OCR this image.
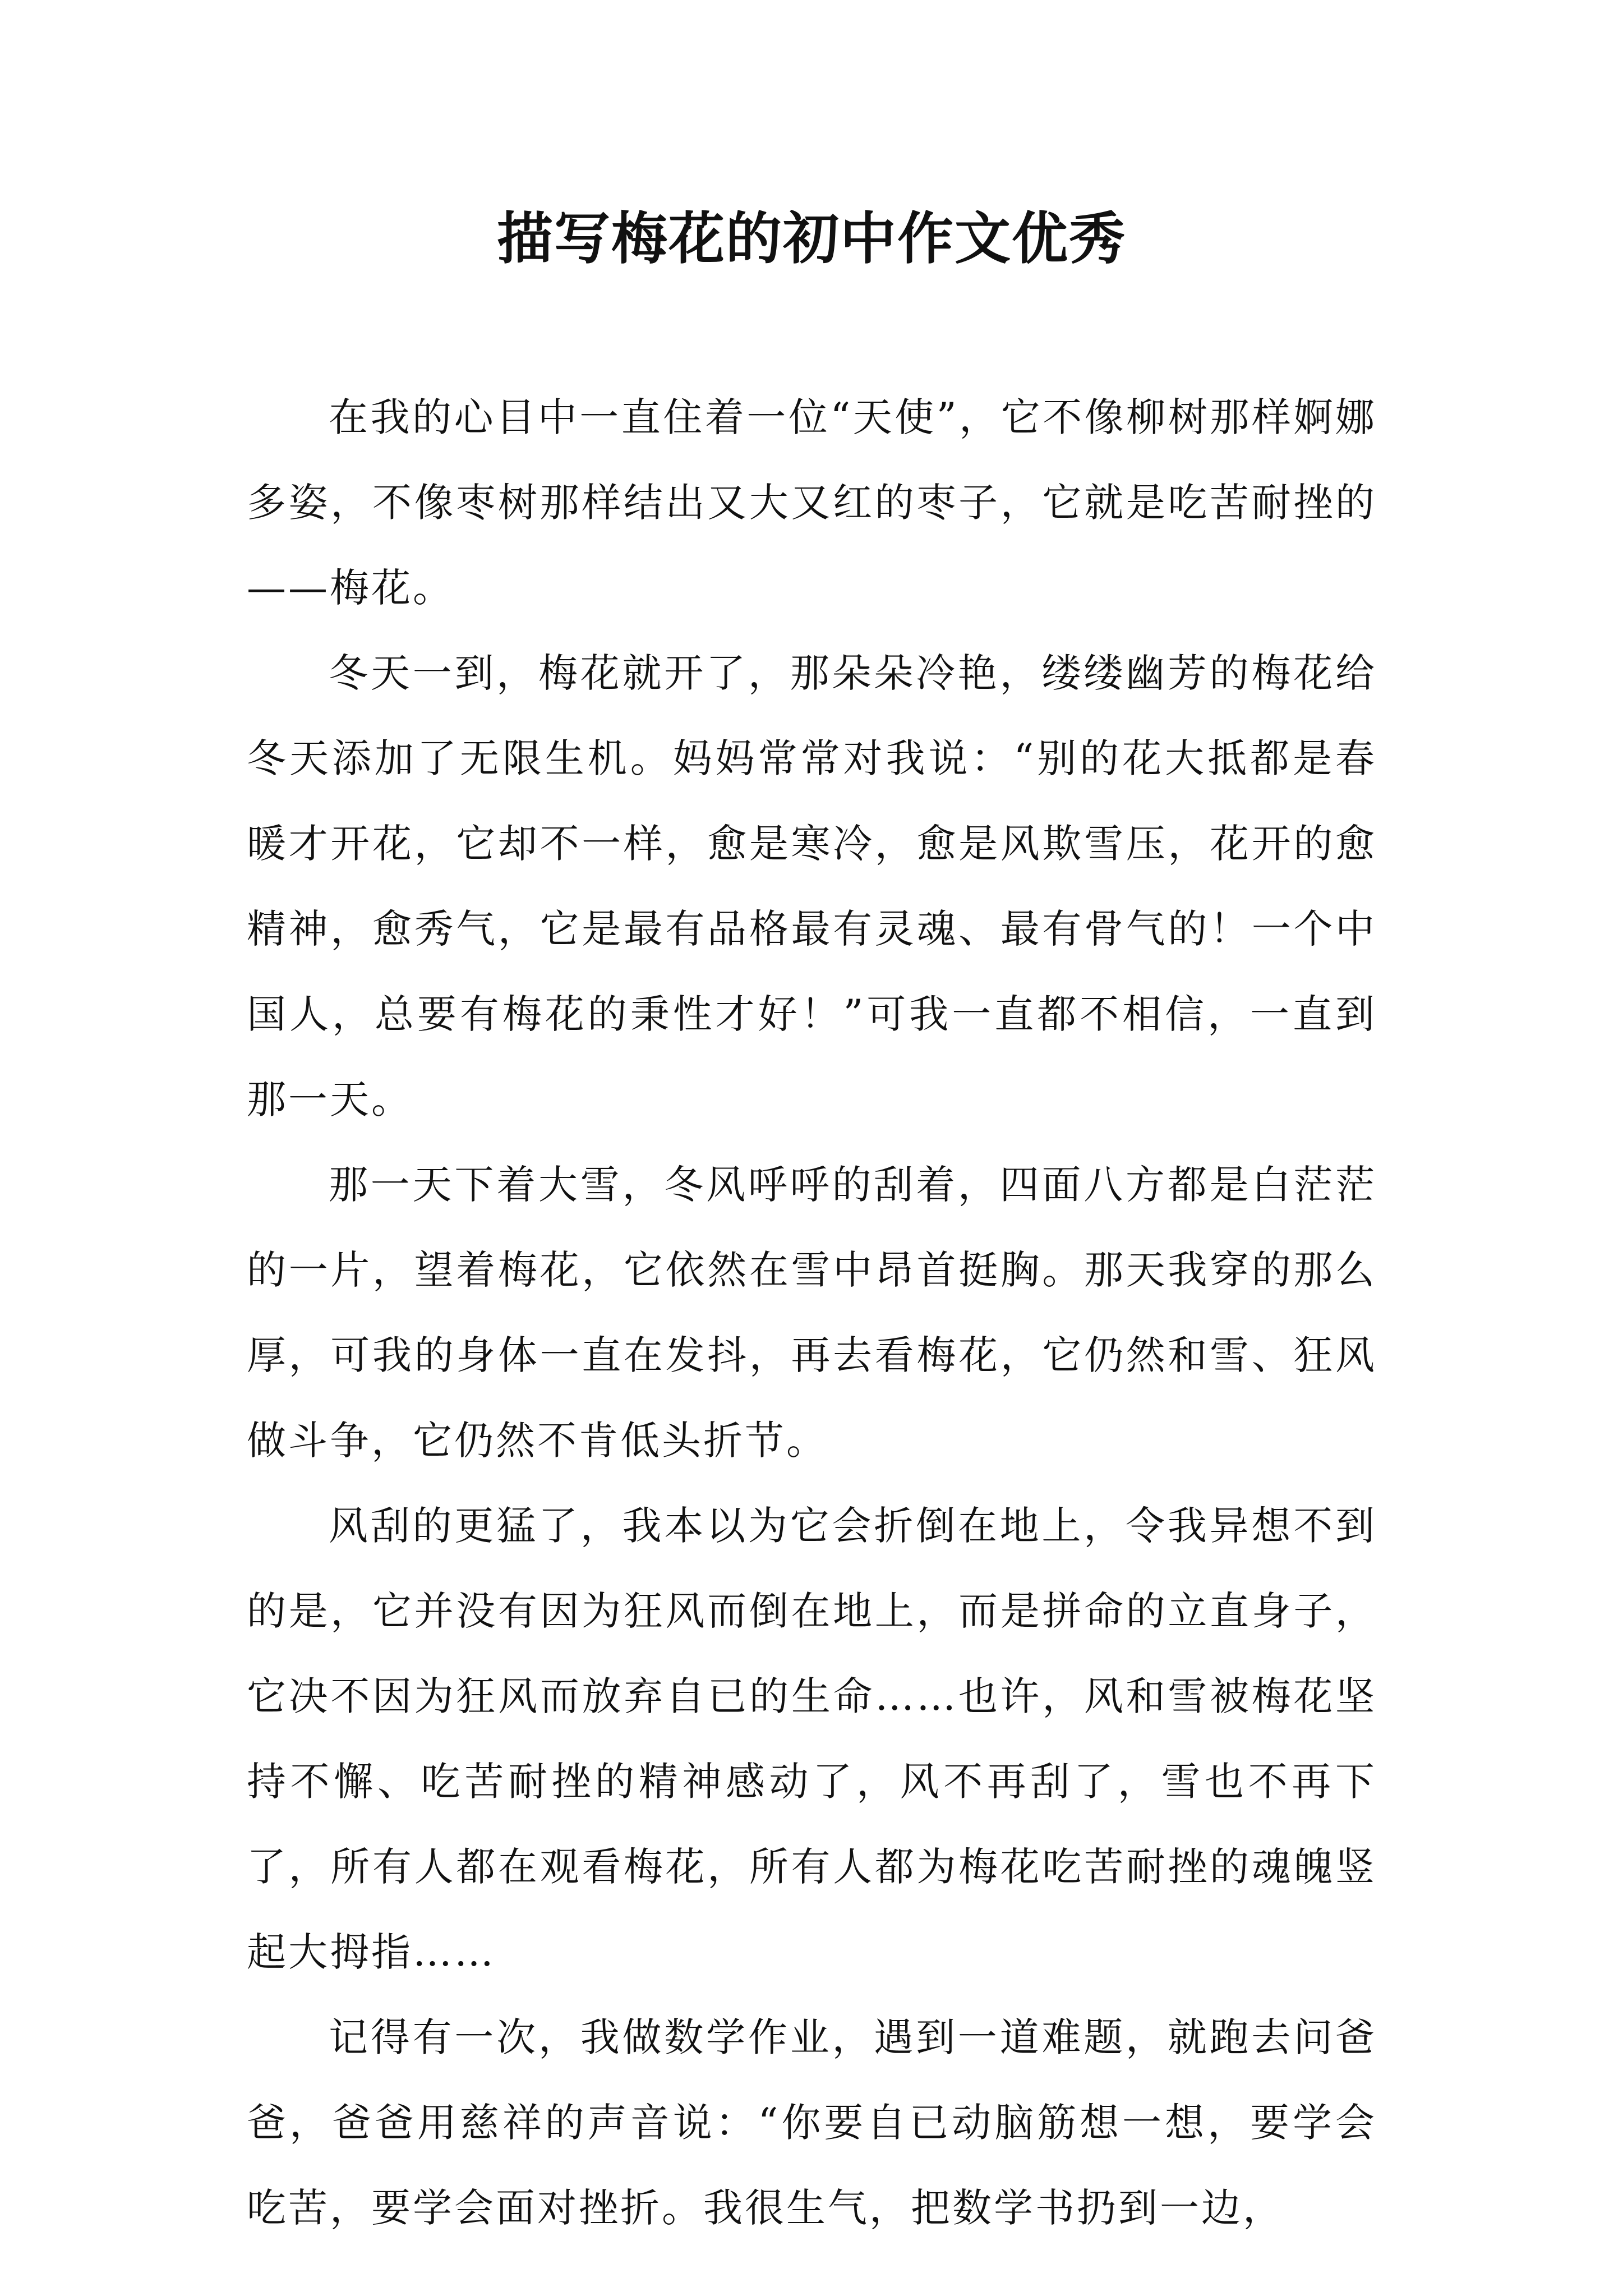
描写梅花的初中作文优秀

在我的心目中一直住着一位“天使”，它不像柳树那样婀娜多姿，不像枣树那样结出又大又红的枣子，它就是吃苦耐挫的——梅花。

冬天一到，梅花就开了，那朵朵冷艳，缕缕幽芳的梅花给冬天添加了无限生机。妈妈常常对我说：“别的花大抵都是春暖才开花，它却不一样，愈是寒冷，愈是风欺雪压，花开的愈精神，愈秀气，它是最有品格最有灵魂、最有骨气的！一个中国人，总要有梅花的秉性才好！”可我一直都不相信，一直到那一天。

那一天下着大雪，冬风呼呼的刮着，四面八方都是白茫茫的一片，望着梅花，它依然在雪中昂首挺胸。那天我穿的那么厚，可我的身体一直在发抖，再去看梅花，它仍然和雪、狂风做斗争，它仍然不肯低头折节。

风刮的更猛了，我本以为它会折倒在地上，令我异想不到的是，它并没有因为狂风而倒在地上，而是拼命的立直身子，它决不因为狂风而放弃自已的生命……也许，风和雪被梅花坚持不懈、吃苦耐挫的精神感动了，风不再刮了，雪也不再下了，所有人都在观看梅花，所有人都为梅花吃苦耐挫的魂魄竖起大拇指……

记得有一次，我做数学作业，遇到一道难题，就跑去问爸爸，爸爸用慈祥的声音说：“你要自已动脑筋想一想，要学会吃苦，要学会面对挫折。我很生气，把数学书扔到一边，
